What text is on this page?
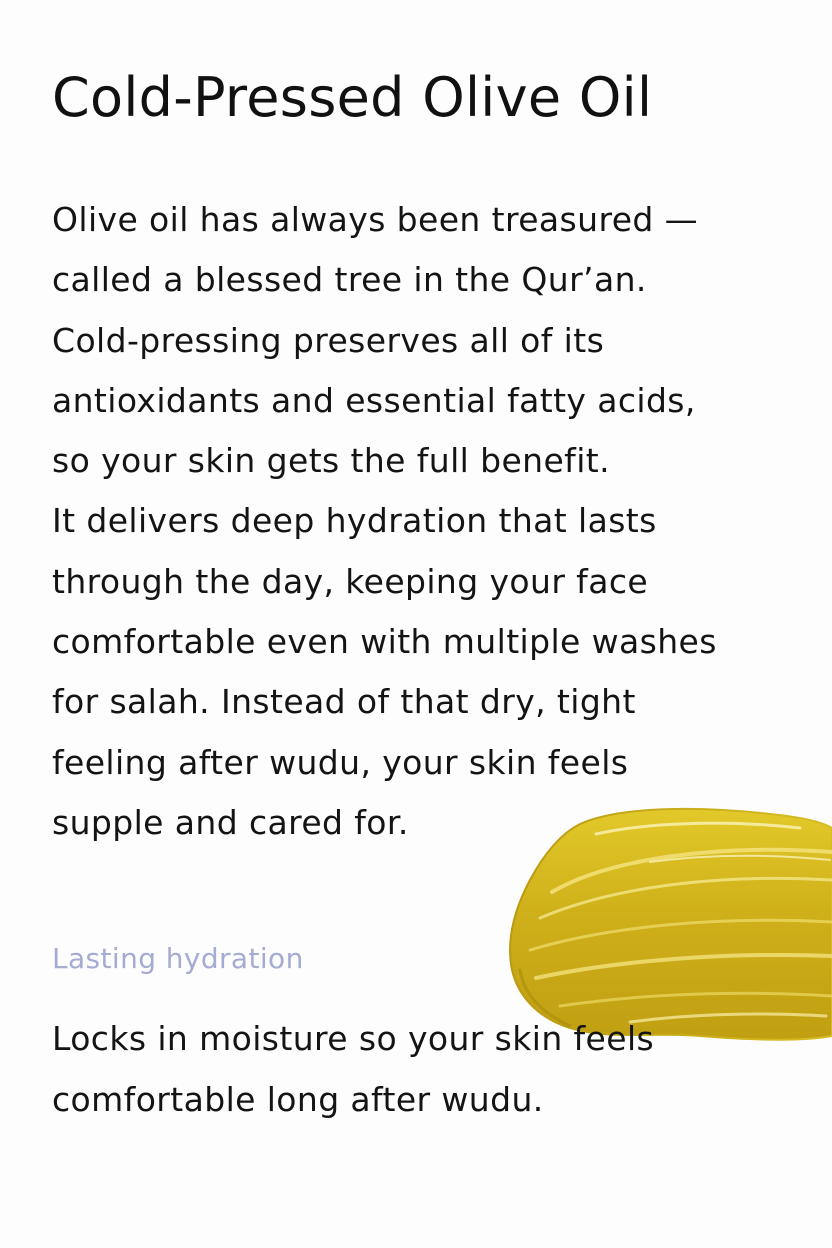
Cold-Pressed Olive Oil

Olive oil has always been treasured —
called a blessed tree in the Qur’an.
Cold-pressing preserves all of its
antioxidants and essential fatty acids,
so your skin gets the full benefit.
It delivers deep hydration that lasts
through the day, keeping your face
comfortable even with multiple washes
for salah. Instead of that dry, tight
feeling after wudu, your skin feels
supple and cared for.

Lasting hydration

Locks in moisture so your skin feels
comfortable long after wudu.
